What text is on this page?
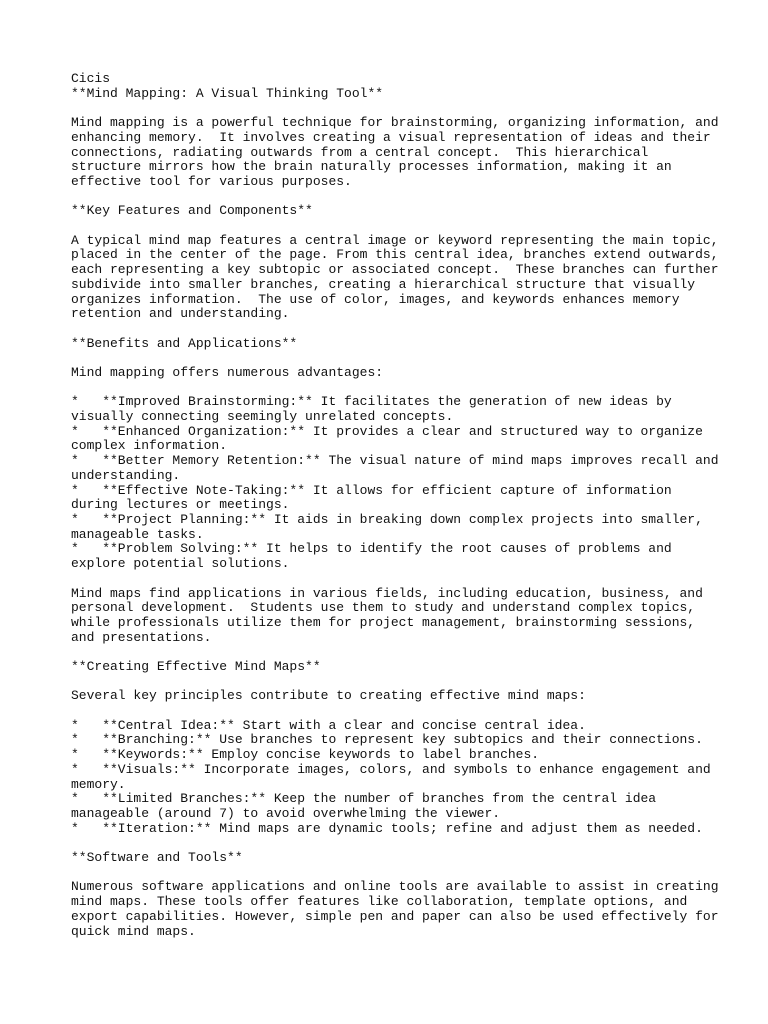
Cicis
**Mind Mapping: A Visual Thinking Tool**
Mind mapping is a powerful technique for brainstorming, organizing information, and
enhancing memory.  It involves creating a visual representation of ideas and their
connections, radiating outwards from a central concept.  This hierarchical
structure mirrors how the brain naturally processes information, making it an
effective tool for various purposes.
**Key Features and Components**
A typical mind map features a central image or keyword representing the main topic,
placed in the center of the page. From this central idea, branches extend outwards,
each representing a key subtopic or associated concept.  These branches can further
subdivide into smaller branches, creating a hierarchical structure that visually
organizes information.  The use of color, images, and keywords enhances memory
retention and understanding.
**Benefits and Applications**
Mind mapping offers numerous advantages:
*   **Improved Brainstorming:** It facilitates the generation of new ideas by
visually connecting seemingly unrelated concepts.
*   **Enhanced Organization:** It provides a clear and structured way to organize
complex information.
*   **Better Memory Retention:** The visual nature of mind maps improves recall and
understanding.
*   **Effective Note-Taking:** It allows for efficient capture of information
during lectures or meetings.
*   **Project Planning:** It aids in breaking down complex projects into smaller,
manageable tasks.
*   **Problem Solving:** It helps to identify the root causes of problems and
explore potential solutions.
Mind maps find applications in various fields, including education, business, and
personal development.  Students use them to study and understand complex topics,
while professionals utilize them for project management, brainstorming sessions,
and presentations.
**Creating Effective Mind Maps**
Several key principles contribute to creating effective mind maps:
*   **Central Idea:** Start with a clear and concise central idea.
*   **Branching:** Use branches to represent key subtopics and their connections.
*   **Keywords:** Employ concise keywords to label branches.
*   **Visuals:** Incorporate images, colors, and symbols to enhance engagement and
memory.
*   **Limited Branches:** Keep the number of branches from the central idea
manageable (around 7) to avoid overwhelming the viewer.
*   **Iteration:** Mind maps are dynamic tools; refine and adjust them as needed.
**Software and Tools**
Numerous software applications and online tools are available to assist in creating
mind maps. These tools offer features like collaboration, template options, and
export capabilities. However, simple pen and paper can also be used effectively for
quick mind maps.
